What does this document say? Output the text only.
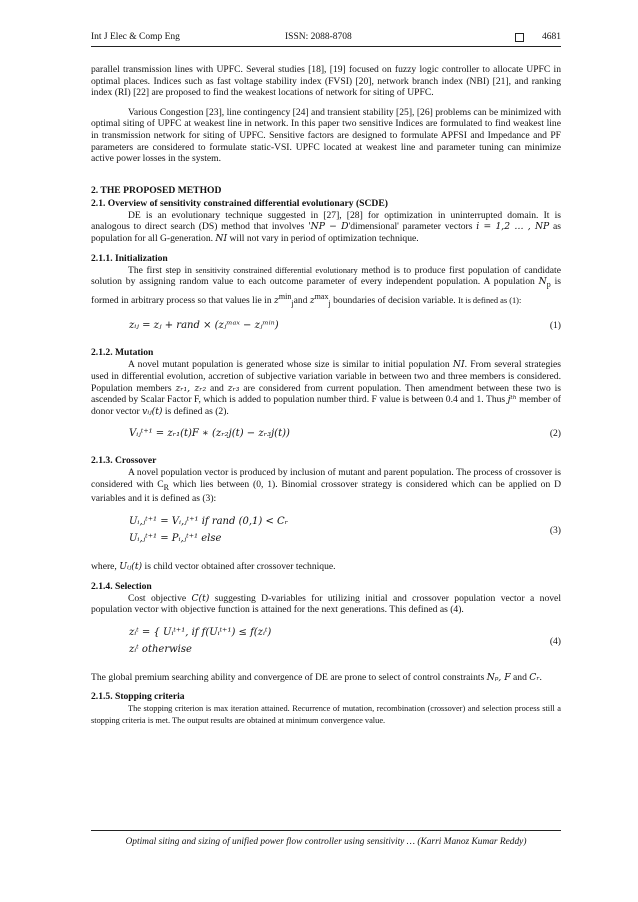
Int J Elec & Comp Eng	ISSN: 2088-8708	4681

parallel transmission lines with UPFC. Several studies [18], [19] focused on fuzzy logic controller to allocate UPFC in optimal places. Indices such as fast voltage stability index (FVSI) [20], network branch index (NBI) [21], and ranking index (RI) [22] are proposed to find the weakest locations of network for siting of UPFC.

Various Congestion [23], line contingency [24] and transient stability [25], [26] problems can be minimized with optimal siting of UPFC at weakest line in network. In this paper two sensitive Indices are formulated to find weakest line in transmission network for siting of UPFC. Sensitive factors are designed to formulate APFSI and Impedance and PF parameters are considered to formulate static-VSI. UPFC located at weakest line and parameter tuning can minimize active power losses in the system.

2. THE PROPOSED METHOD
2.1. Overview of sensitivity constrained differential evolutionary (SCDE)

DE is an evolutionary technique suggested in [27], [28] for optimization in uninterrupted domain. It is analogous to direct search (DS) method that involves 'NP − D'dimensional' parameter vectors i = 1,2 … , NP as population for all G-generation. NI will not vary in period of optimization technique.

2.1.1. Initialization

The first step in sensitivity constrained differential evolutionary method is to produce first population of candidate solution by assigning random value to each outcome parameter of every independent population. A population $N_p$ is formed in arbitrary process so that values lie in $z^{min}_jand$ $z^{max}_j$ boundaries of decision variable. It is defined as (1):

zᵢⱼ = zⱼ + rand × (zⱼᵐᵃˣ − zⱼᵐⁱⁿ)	(1)
2.1.2. Mutation

A novel mutant population is generated whose size is similar to initial population NI. From several strategies used in differential evolution, accretion of subjective variation variable in between two and three members is considered. Population members zᵣ₁, zᵣ₂ and zᵣ₃ are considered from current population. Then amendment between these two is ascended by Scalar Factor F, which is added to population number third. F value is between 0.4 and 1. Thus jᵗʰ member of donor vector vᵢⱼ(t) is defined as (2).

Vᵢⱼᵗ⁺¹ = zᵣ₁(t)F ∗ (zᵣ₂j(t) − zᵣ₃j(t))	(2)
2.1.3. Crossover

A novel population vector is produced by inclusion of mutant and parent population. The process of crossover is considered with $C_R$ which lies between (0, 1). Binomial crossover strategy is considered which can be applied on D variables and it is defined as (3):

Uᵢ,ⱼᵗ⁺¹ = Vᵢ,ⱼᵗ⁺¹ if rand (0,1) < Cᵣ
Uᵢ,ⱼᵗ⁺¹ = Pᵢ,ⱼᵗ⁺¹ else
(3)

where, Uᵢⱼ(t) is child vector obtained after crossover technique.

2.1.4. Selection

Cost objective C(t) suggesting D-variables for utilizing initial and crossover population vector a novel population vector with objective function is attained for the next generations. This defined as (4).

zᵢᵗ = { Uᵢᵗ⁺¹, if f(Uᵢᵗ⁺¹) ≤ f(zᵢᵗ)
zᵢᵗ otherwise
(4)

The global premium searching ability and convergence of DE are prone to select of control constraints Nₚ, F and Cᵣ.

2.1.5. Stopping criteria

The stopping criterion is max iteration attained. Recurrence of mutation, recombination (crossover) and selection process still a stopping criteria is met. The output results are obtained at minimum convergence value.

Optimal siting and sizing of unified power flow controller using sensitivity … (Karri Manoz Kumar Reddy)
